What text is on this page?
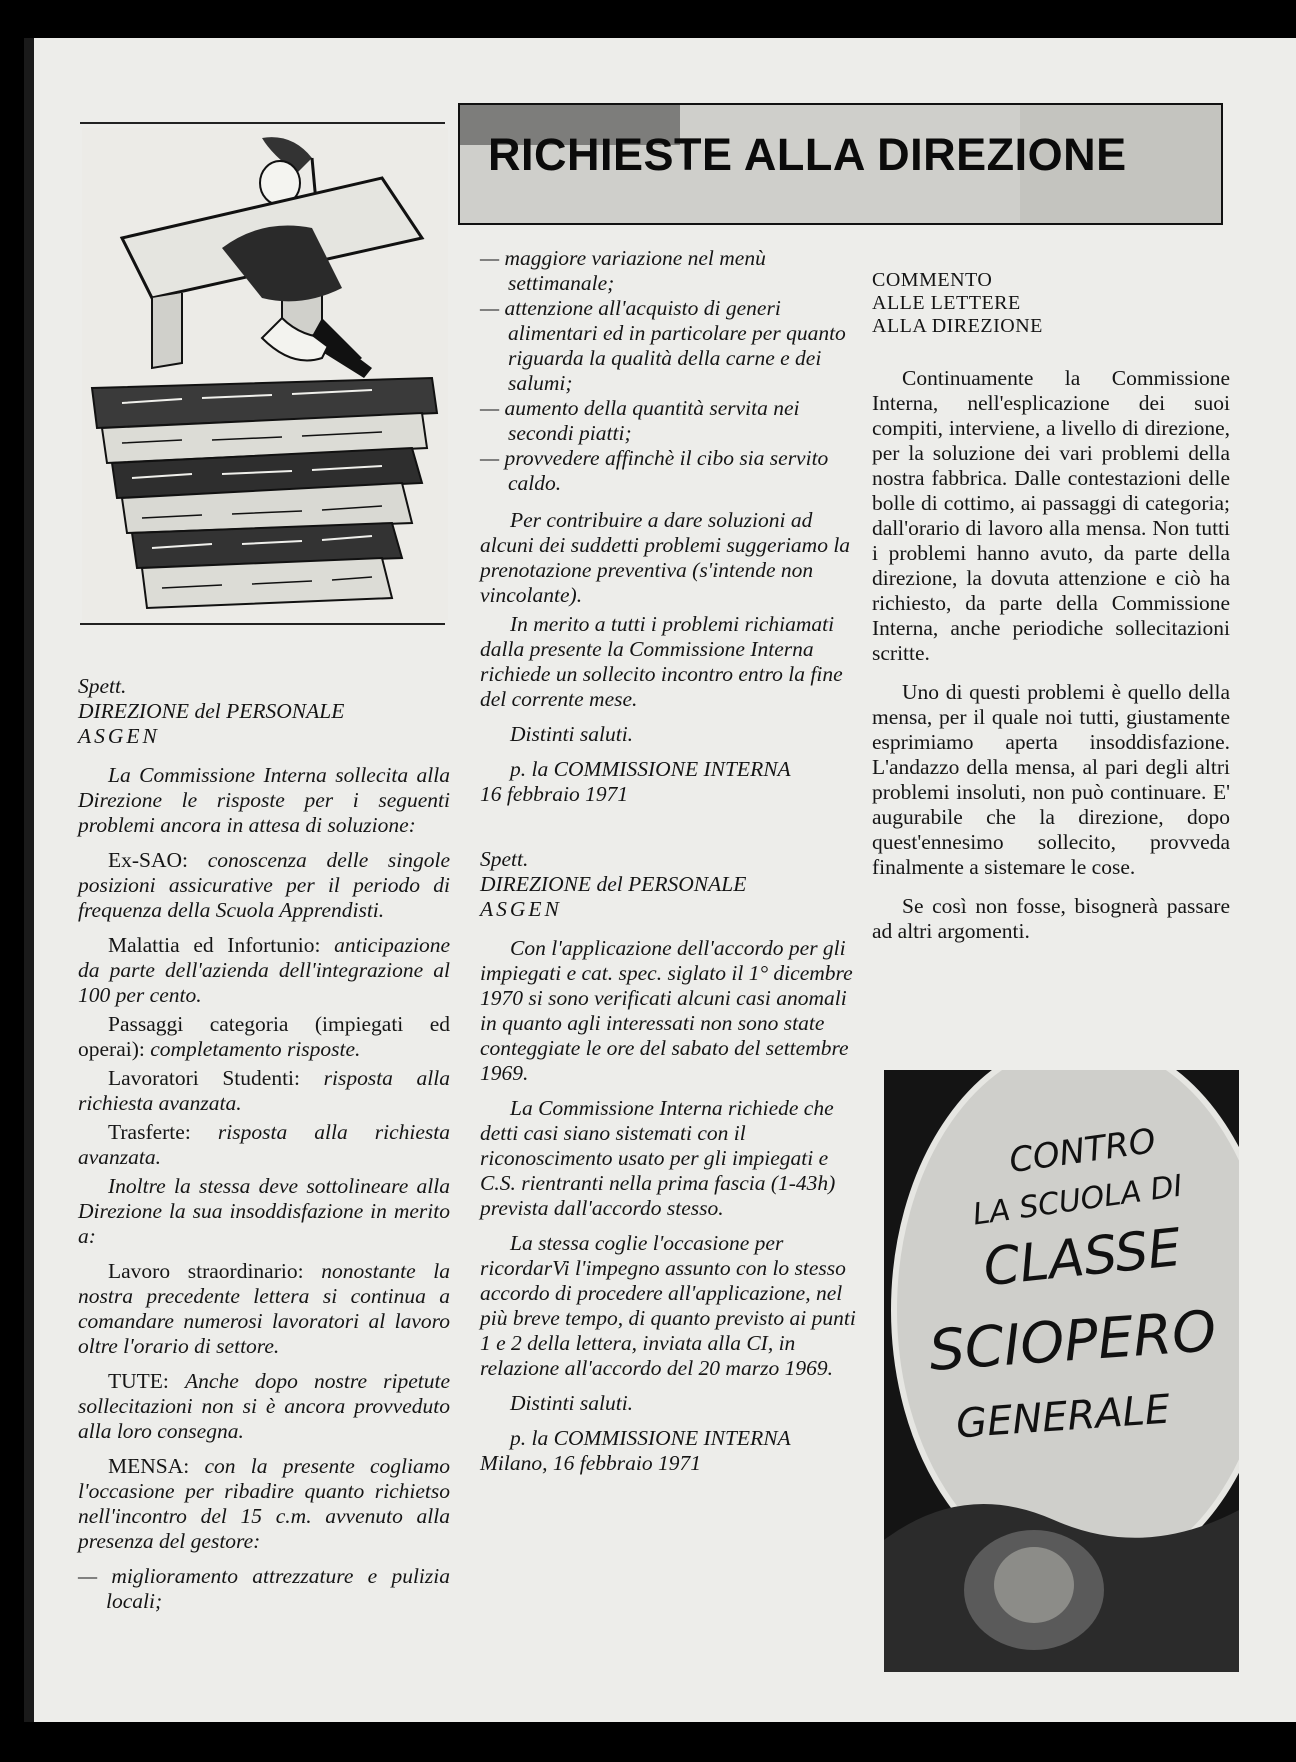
RICHIESTE ALLA DIREZIONE
Spett.
DIREZIONE del PERSONALE
ASGEN

La Commissione Interna sollecita alla Direzione le risposte per i seguenti problemi ancora in attesa di soluzione:

Ex-SAO: conoscenza delle singole posizioni assicurative per il periodo di frequenza della Scuola Apprendisti.

Malattia ed Infortunio: anticipazione da parte dell'azienda dell'integrazione al 100 per cento.

Passaggi categoria (impiegati ed operai): completamento risposte.

Lavoratori Studenti: risposta alla richiesta avanzata.

Trasferte: risposta alla richiesta avanzata.

Inoltre la stessa deve sottolineare alla Direzione la sua insoddisfazione in merito a:

Lavoro straordinario: nonostante la nostra precedente lettera si continua a comandare numerosi lavoratori al lavoro oltre l'orario di settore.

TUTE: Anche dopo nostre ripetute sollecitazioni non si è ancora provveduto alla loro consegna.

MENSA: con la presente cogliamo l'occasione per ribadire quanto richietso nell'incontro del 15 c.m. avvenuto alla presenza del gestore:

— miglioramento attrezzature e pulizia locali;

— maggiore variazione nel menù settimanale;

— attenzione all'acquisto di generi alimentari ed in particolare per quanto riguarda la qualità della carne e dei salumi;

— aumento della quantità servita nei secondi piatti;

— provvedere affinchè il cibo sia servito caldo.

Per contribuire a dare soluzioni ad alcuni dei suddetti problemi suggeriamo la prenotazione preventiva (s'intende non vincolante).

In merito a tutti i problemi richiamati dalla presente la Commissione Interna richiede un sollecito incontro entro la fine del corrente mese.

Distinti saluti.

p. la COMMISSIONE INTERNA

16 febbraio 1971

Spett.
DIREZIONE del PERSONALE
ASGEN

Con l'applicazione dell'accordo per gli impiegati e cat. spec. siglato il 1° dicembre 1970 si sono verificati alcuni casi anomali in quanto agli interessati non sono state conteggiate le ore del sabato del settembre 1969.

La Commissione Interna richiede che detti casi siano sistemati con il riconoscimento usato per gli impiegati e C.S. rientranti nella prima fascia (1-43h) prevista dall'accordo stesso.

La stessa coglie l'occasione per ricordarVi l'impegno assunto con lo stesso accordo di procedere all'applicazione, nel più breve tempo, di quanto previsto ai punti 1 e 2 della lettera, inviata alla CI, in relazione all'accordo del 20 marzo 1969.

Distinti saluti.

p. la COMMISSIONE INTERNA

Milano, 16 febbraio 1971

COMMENTO
ALLE LETTERE
ALLA DIREZIONE

Continuamente la Commissione Interna, nell'esplicazione dei suoi compiti, interviene, a livello di direzione, per la soluzione dei vari problemi della nostra fabbrica. Dalle contestazioni delle bolle di cottimo, ai passaggi di categoria; dall'orario di lavoro alla mensa. Non tutti i problemi hanno avuto, da parte della direzione, la dovuta attenzione e ciò ha richiesto, da parte della Commissione Interna, anche periodiche sollecitazioni scritte.

Uno di questi problemi è quello della mensa, per il quale noi tutti, giustamente esprimiamo aperta insoddisfazione. L'andazzo della mensa, al pari degli altri problemi insoluti, non può continuare. E' augurabile che la direzione, dopo quest'ennesimo sollecito, provveda finalmente a sistemare le cose.

Se così non fosse, bisognerà passare ad altri argomenti.

CONTRO
LA SCUOLA DI
CLASSE
SCIOPERO
GENERALE
